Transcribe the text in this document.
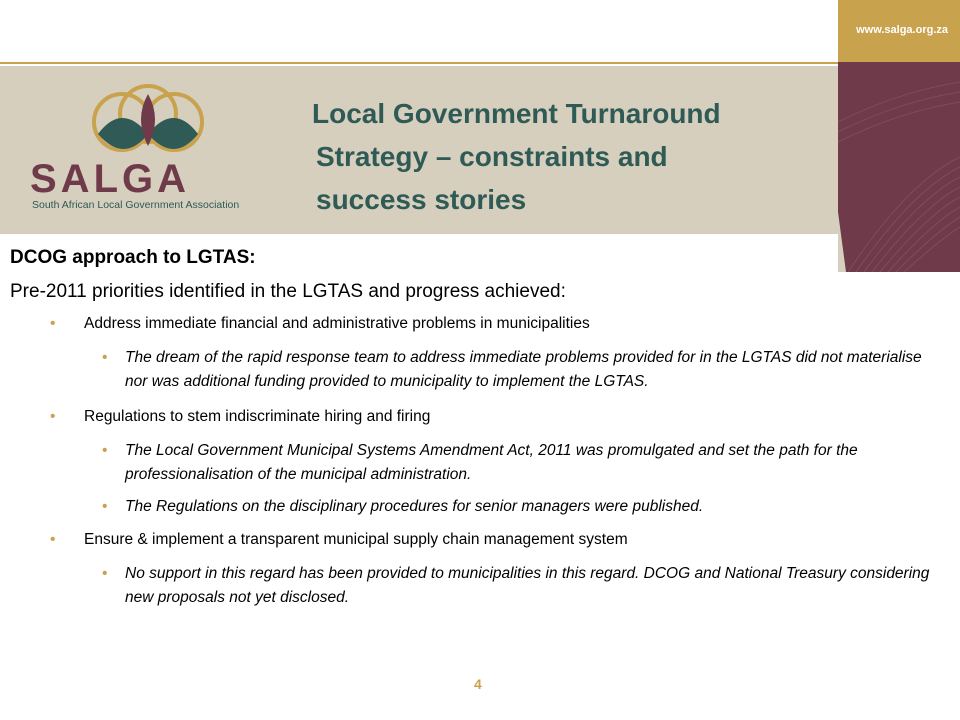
www.salga.org.za
SALGA
South African Local Government Association
Local Government Turnaround
Strategy – constraints and
success stories
DCOG approach to LGTAS:
Pre-2011 priorities identified in the LGTAS and progress achieved:
• Address immediate financial and administrative problems in municipalities
• The dream of the rapid response team to address immediate problems provided for in the LGTAS did not materialise nor was additional funding provided to municipality to implement the LGTAS.
• Regulations to stem indiscriminate hiring and firing
• The Local Government Municipal Systems Amendment Act, 2011 was promulgated and set the path for the professionalisation of the municipal administration.
• The Regulations on the disciplinary procedures for senior managers were published.
• Ensure & implement a transparent municipal supply chain management system
• No support in this regard has been provided to municipalities in this regard. DCOG and National Treasury considering new proposals not yet disclosed.
4
